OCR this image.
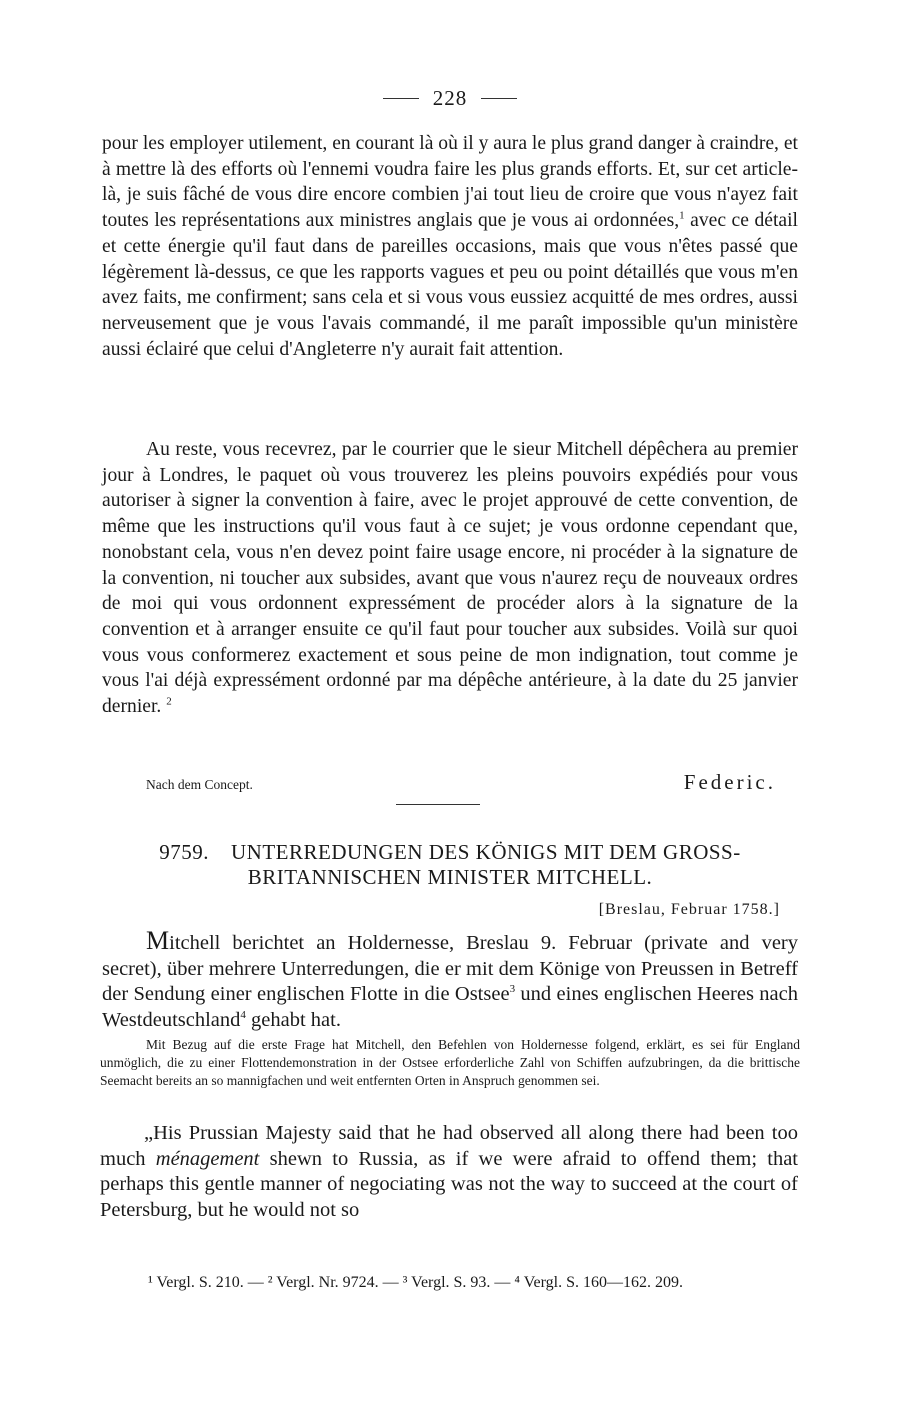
228

pour les employer utilement, en courant là où il y aura le plus grand danger à craindre, et à mettre là des efforts où l'ennemi voudra faire les plus grands efforts. Et, sur cet article-là, je suis fâché de vous dire encore combien j'ai tout lieu de croire que vous n'ayez fait toutes les représentations aux ministres anglais que je vous ai ordonnées,$^1$ avec ce détail et cette énergie qu'il faut dans de pareilles occasions, mais que vous n'êtes passé que légèrement là-dessus, ce que les rapports vagues et peu ou point détaillés que vous m'en avez faits, me confirment; sans cela et si vous vous eussiez acquitté de mes ordres, aussi nerveusement que je vous l'avais commandé, il me paraît impossible qu'un ministère aussi éclairé que celui d'Angleterre n'y aurait fait attention.

Au reste, vous recevrez, par le courrier que le sieur Mitchell dépêchera au premier jour à Londres, le paquet où vous trouverez les pleins pouvoirs expédiés pour vous autoriser à signer la convention à faire, avec le projet approuvé de cette convention, de même que les instructions qu'il vous faut à ce sujet; je vous ordonne cependant que, nonobstant cela, vous n'en devez point faire usage encore, ni procéder à la signature de la convention, ni toucher aux subsides, avant que vous n'aurez reçu de nouveaux ordres de moi qui vous ordonnent expressément de procéder alors à la signature de la convention et à arranger ensuite ce qu'il faut pour toucher aux subsides. Voilà sur quoi vous vous conformerez exactement et sous peine de mon indignation, tout comme je vous l'ai déjà expressément ordonné par ma dépêche antérieure, à la date du 25 janvier dernier. $^2$

Nach dem Concept.	Federic.
9759. UNTERREDUNGEN DES KÖNIGS MIT DEM GROSS-
BRITANNISCHEN MINISTER MITCHELL.
[Breslau, Februar 1758.]

Mitchell berichtet an Holdernesse, Breslau 9. Februar (private and very secret), über mehrere Unterredungen, die er mit dem Könige von Preussen in Betreff der Sendung einer englischen Flotte in die Ostsee$^3$ und eines englischen Heeres nach Westdeutschland$^4$ gehabt hat.

Mit Bezug auf die erste Frage hat Mitchell, den Befehlen von Holdernesse folgend, erklärt, es sei für England unmöglich, die zu einer Flottendemonstration in der Ostsee erforderliche Zahl von Schiffen aufzubringen, da die brittische Seemacht bereits an so mannigfachen und weit entfernten Orten in Anspruch genommen sei.

„His Prussian Majesty said that he had observed all along there had been too much ménagement shewn to Russia, as if we were afraid to offend them; that perhaps this gentle manner of negociating was not the way to succeed at the court of Petersburg, but he would not so

¹ Vergl. S. 210. — ² Vergl. Nr. 9724. — ³ Vergl. S. 93. — ⁴ Vergl. S. 160—162. 209.
